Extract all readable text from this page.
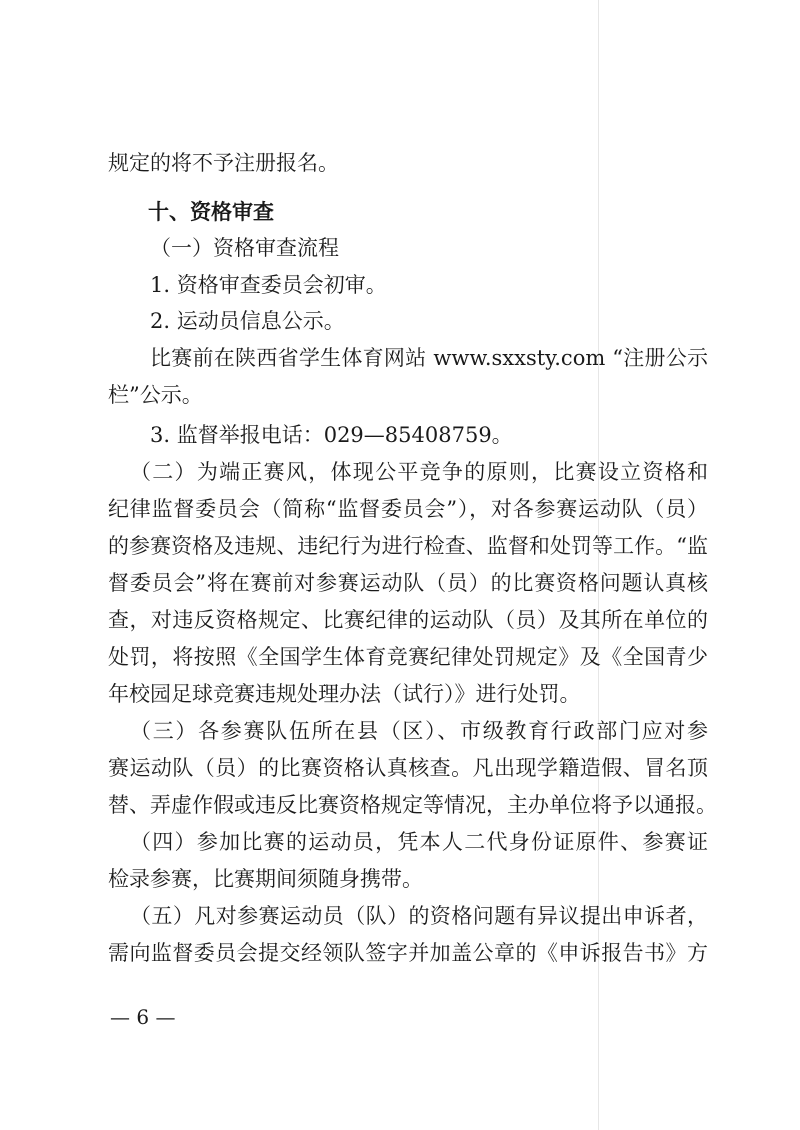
规定的将不予注册报名。

十、资格审查

（一）资格审查流程

1. 资格审查委员会初审。

2. 运动员信息公示。

比赛前在陕西省学生体育网站 www.sxxsty.com “注册公示

栏”公示。

3. 监督举报电话：029—85408759。

（二）为端正赛风，体现公平竞争的原则，比赛设立资格和

纪律监督委员会（简称“监督委员会”），对各参赛运动队（员）

的参赛资格及违规、违纪行为进行检查、监督和处罚等工作。“监

督委员会”将在赛前对参赛运动队（员）的比赛资格问题认真核

查，对违反资格规定、比赛纪律的运动队（员）及其所在单位的

处罚，将按照《全国学生体育竞赛纪律处罚规定》及《全国青少

年校园足球竞赛违规处理办法（试行）》进行处罚。

（三）各参赛队伍所在县（区）、市级教育行政部门应对参

赛运动队（员）的比赛资格认真核查。凡出现学籍造假、冒名顶

替、弄虚作假或违反比赛资格规定等情况，主办单位将予以通报。

（四）参加比赛的运动员，凭本人二代身份证原件、参赛证

检录参赛，比赛期间须随身携带。

（五）凡对参赛运动员（队）的资格问题有异议提出申诉者，

需向监督委员会提交经领队签字并加盖公章的《申诉报告书》方

— 6 —
